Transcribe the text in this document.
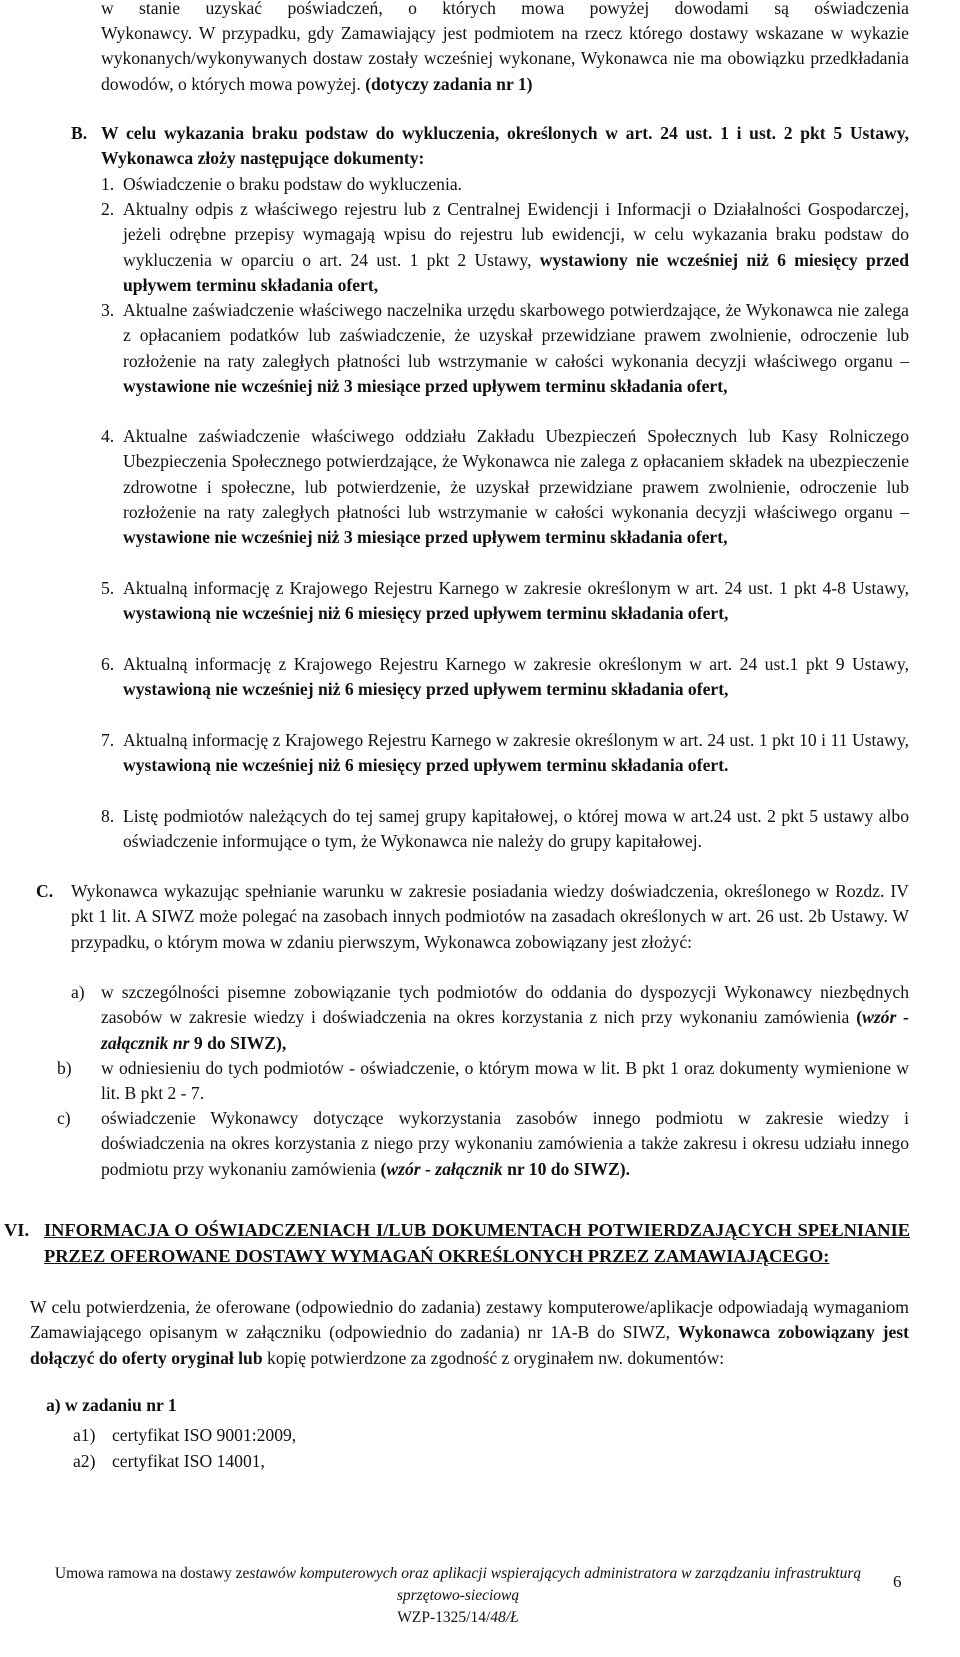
w stanie uzyskać poświadczeń, o których mowa powyżej dowodami są oświadczenia
Wykonawcy. W przypadku, gdy Zamawiający jest podmiotem na rzecz którego dostawy wskazane w wykazie wykonanych/wykonywanych dostaw zostały wcześniej wykonane, Wykonawca nie ma obowiązku przedkładania dowodów, o których mowa powyżej. (dotyczy zadania nr 1)
B. W celu wykazania braku podstaw do wykluczenia, określonych w art. 24 ust. 1 i ust. 2 pkt 5 Ustawy, Wykonawca złoży następujące dokumenty:
1. Oświadczenie o braku podstaw do wykluczenia.
2. Aktualny odpis z właściwego rejestru lub z Centralnej Ewidencji i Informacji o Działalności Gospodarczej, jeżeli odrębne przepisy wymagają wpisu do rejestru lub ewidencji, w celu wykazania braku podstaw do wykluczenia w oparciu o art. 24 ust. 1 pkt 2 Ustawy, wystawiony nie wcześniej niż 6 miesięcy przed upływem terminu składania ofert,
3. Aktualne zaświadczenie właściwego naczelnika urzędu skarbowego potwierdzające, że Wykonawca nie zalega z opłacaniem podatków lub zaświadczenie, że uzyskał przewidziane prawem zwolnienie, odroczenie lub rozłożenie na raty zaległych płatności lub wstrzymanie w całości wykonania decyzji właściwego organu – wystawione nie wcześniej niż 3 miesiące przed upływem terminu składania ofert,
4. Aktualne zaświadczenie właściwego oddziału Zakładu Ubezpieczeń Społecznych lub Kasy Rolniczego Ubezpieczenia Społecznego potwierdzające, że Wykonawca nie zalega z opłacaniem składek na ubezpieczenie zdrowotne i społeczne, lub potwierdzenie, że uzyskał przewidziane prawem zwolnienie, odroczenie lub rozłożenie na raty zaległych płatności lub wstrzymanie w całości wykonania decyzji właściwego organu – wystawione nie wcześniej niż 3 miesiące przed upływem terminu składania ofert,
5. Aktualną informację z Krajowego Rejestru Karnego w zakresie określonym w art. 24 ust. 1 pkt 4-8 Ustawy, wystawioną nie wcześniej niż 6 miesięcy przed upływem terminu składania ofert,
6. Aktualną informację z Krajowego Rejestru Karnego w zakresie określonym w art. 24 ust.1 pkt 9 Ustawy, wystawioną nie wcześniej niż 6 miesięcy przed upływem terminu składania ofert,
7. Aktualną informację z Krajowego Rejestru Karnego w zakresie określonym w art. 24 ust. 1 pkt 10 i 11 Ustawy, wystawioną nie wcześniej niż 6 miesięcy przed upływem terminu składania ofert.
8. Listę podmiotów należących do tej samej grupy kapitałowej, o której mowa w art.24 ust. 2 pkt 5 ustawy albo oświadczenie informujące o tym, że Wykonawca nie należy do grupy kapitałowej.
C. Wykonawca wykazując spełnianie warunku w zakresie posiadania wiedzy doświadczenia, określonego w Rozdz. IV pkt 1 lit. A SIWZ może polegać na zasobach innych podmiotów na zasadach określonych w art. 26 ust. 2b Ustawy. W przypadku, o którym mowa w zdaniu pierwszym, Wykonawca zobowiązany jest złożyć:
a) w szczególności pisemne zobowiązanie tych podmiotów do oddania do dyspozycji Wykonawcy niezbędnych zasobów w zakresie wiedzy i doświadczenia na okres korzystania z nich przy wykonaniu zamówienia (wzór - załącznik nr 9 do SIWZ),
b) w odniesieniu do tych podmiotów - oświadczenie, o którym mowa w lit. B pkt 1 oraz dokumenty wymienione w lit. B pkt 2 - 7.
c) oświadczenie Wykonawcy dotyczące wykorzystania zasobów innego podmiotu w zakresie wiedzy i doświadczenia na okres korzystania z niego przy wykonaniu zamówienia a także zakresu i okresu udziału innego podmiotu przy wykonaniu zamówienia (wzór - załącznik nr 10 do SIWZ).
VI. INFORMACJA O OŚWIADCZENIACH I/LUB DOKUMENTACH POTWIERDZAJĄCYCH SPEŁNIANIE PRZEZ OFEROWANE DOSTAWY WYMAGAŃ OKREŚLONYCH PRZEZ ZAMAWIAJĄCEGO:
W celu potwierdzenia, że oferowane (odpowiednio do zadania) zestawy komputerowe/aplikacje odpowiadają wymaganiom Zamawiającego opisanym w załączniku (odpowiednio do zadania) nr 1A-B do SIWZ, Wykonawca zobowiązany jest dołączyć do oferty oryginał lub kopię potwierdzone za zgodność z oryginałem nw. dokumentów:
a) w zadaniu nr 1
a1) certyfikat ISO 9001:2009,
a2) certyfikat ISO 14001,
Umowa ramowa na dostawy zestawów komputerowych oraz aplikacji wspierających administratora w zarządzaniu infrastrukturą sprzętowo-sieciową
WZP-1325/14/48/Ł
6
